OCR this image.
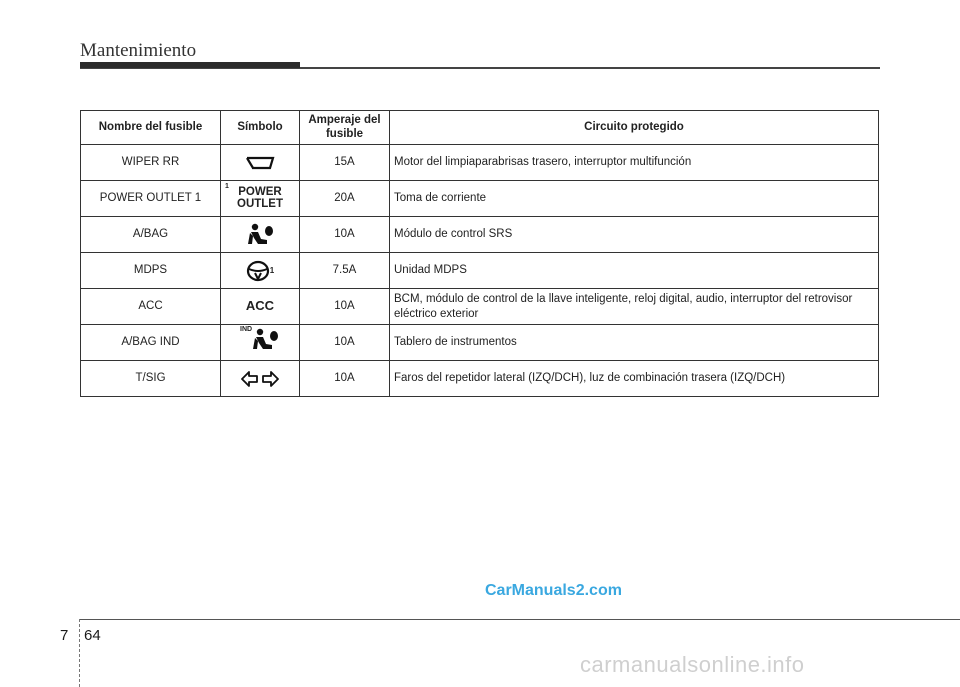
Mantenimiento
Nombre del fusible	Símbolo	Amperaje del fusible	Circuito protegido
WIPER RR		15A	Motor del limpiaparabrisas trasero, interruptor multifunción
POWER OUTLET 1	1 POWER OUTLET	20A	Toma de corriente
A/BAG		10A	Módulo de control SRS
MDPS	1	7.5A	Unidad MDPS
ACC	ACC	10A	BCM, módulo de control de la llave inteligente, reloj digital, audio, interruptor del retrovisor eléctrico exterior
A/BAG IND	IND	10A	Tablero de instrumentos
T/SIG		10A	Faros del repetidor lateral (IZQ/DCH), luz de combinación trasera (IZQ/DCH)
CarManuals2.com
7 64
carmanualsonline.info
